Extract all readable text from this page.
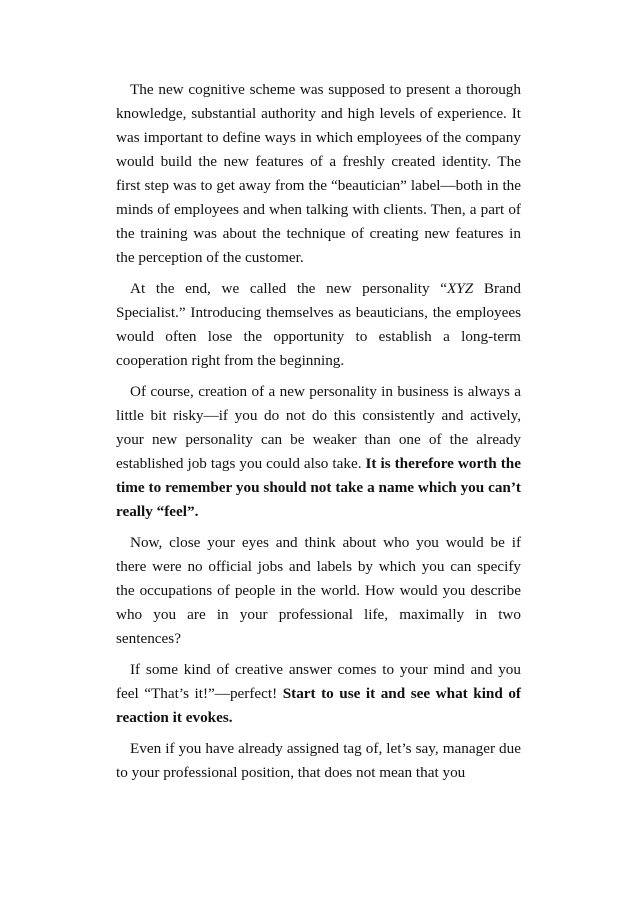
The new cognitive scheme was supposed to present a thorough knowledge, substantial authority and high levels of experience. It was important to define ways in which employees of the company would build the new features of a freshly created identity. The first step was to get away from the “beautician” label—both in the minds of employees and when talking with clients. Then, a part of the training was about the technique of creating new features in the perception of the customer.

At the end, we called the new personality “XYZ Brand Specialist.” Introducing themselves as beauticians, the employees would often lose the opportunity to establish a long-term cooperation right from the beginning.

Of course, creation of a new personality in business is always a little bit risky—if you do not do this consistently and actively, your new personality can be weaker than one of the already established job tags you could also take. It is therefore worth the time to remember you should not take a name which you can’t really “feel”.

Now, close your eyes and think about who you would be if there were no official jobs and labels by which you can specify the occupations of people in the world. How would you describe who you are in your professional life, maximally in two sentences?

If some kind of creative answer comes to your mind and you feel “That’s it!”—perfect! Start to use it and see what kind of reaction it evokes.

Even if you have already assigned tag of, let’s say, manager due to your professional position, that does not mean that you
